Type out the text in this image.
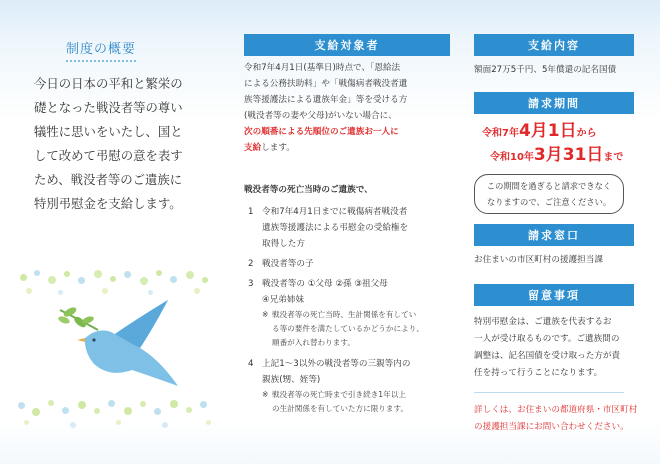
制度の概要
今日の日本の平和と繁栄の
礎となった戦没者等の尊い
犠牲に思いをいたし、国と
して改めて弔慰の意を表す
ため、戦没者等のご遺族に
特別弔慰金を支給します。
支給対象者
令和7年4月1日(基準日)時点で、「恩給法
による公務扶助料」や「戦傷病者戦没者遺
族等援護法による遺族年金」等を受ける方
(戦没者等の妻や父母)がいない場合に、
次の順番による先順位のご遺族お一人に
支給します。
戦没者等の死亡当時のご遺族で、
1 令和7年4月1日までに戦傷病者戦没者
遺族等援護法による弔慰金の受給権を
取得した方
2 戦没者等の子
3 戦没者等の ①父母 ②孫 ③祖父母
④兄弟姉妹
※ 戦没者等の死亡当時、生計関係を有してい
る等の要件を満たしているかどうかにより、
順番が入れ替わります。
4 上記1～3以外の戦没者等の三親等内の
親族(甥、姪等)
※ 戦没者等の死亡時まで引き続き1年以上
の生計関係を有していた方に限ります。
支給内容
額面27万5千円、5年償還の記名国債
請求期間
令和7年4月1日から
令和10年3月31日まで
この期間を過ぎると請求できなく
なりますので、ご注意ください。
請求窓口
お住まいの市区町村の援護担当課
留意事項
特別弔慰金は、ご遺族を代表するお
一人が受け取るものです。ご遺族間の
調整は、記名国債を受け取った方が責
任を持って行うことになります。
詳しくは、お住まいの都道府県・市区町村
の援護担当課にお問い合わせください。
